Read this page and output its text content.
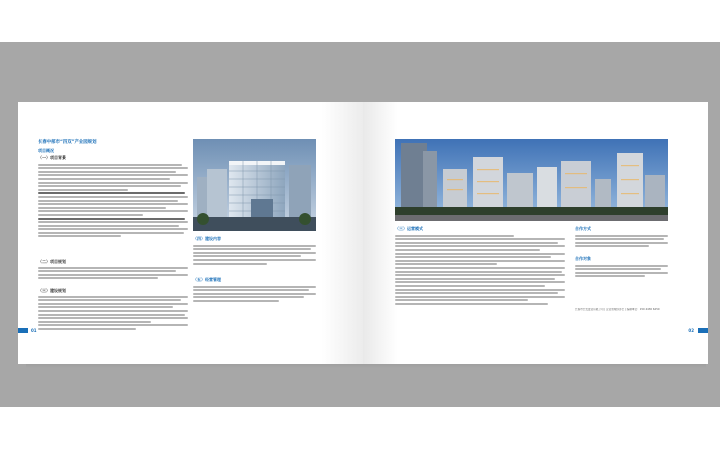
长春中部市“四双”产业园规划
项目概况
（一）项目背景
（二）项目规划
（三）建设规划
（四）建设内容
（五）经营管理
01
（三）运营模式	合作方式
合作对象
长春市长发置业有限公司 | 企业管理部部长 | 编制单位：150 4430 6250
02
